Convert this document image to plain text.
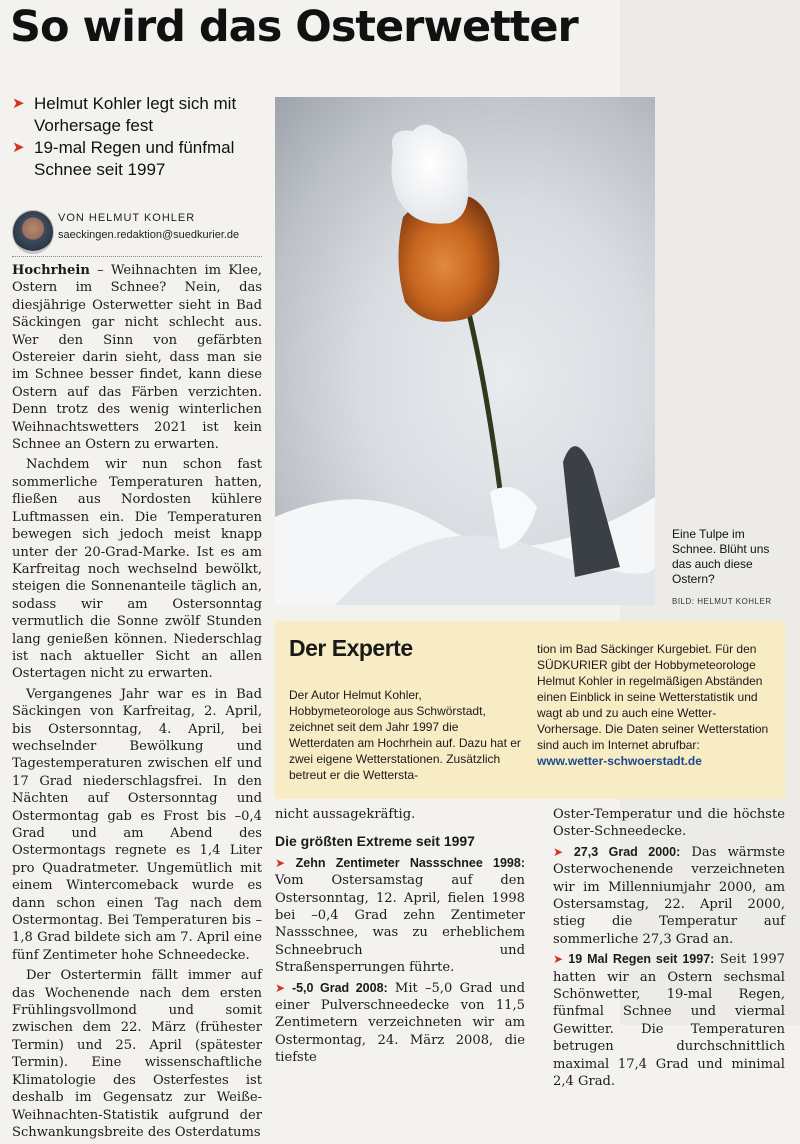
So wird das Osterwetter
➤ Helmut Kohler legt sich mit Vorhersage fest
➤ 19-mal Regen und fünfmal Schnee seit 1997
VON HELMUT KOHLER
saeckingen.redaktion@suedkurier.de

Hochrhein – Weihnachten im Klee, Ostern im Schnee? Nein, das diesjährige Osterwetter sieht in Bad Säckingen gar nicht schlecht aus. Wer den Sinn von gefärbten Ostereier darin sieht, dass man sie im Schnee besser findet, kann diese Ostern auf das Färben verzichten. Denn trotz des wenig winterlichen Weihnachtswetters 2021 ist kein Schnee an Ostern zu erwarten.

Nachdem wir nun schon fast sommerliche Temperaturen hatten, fließen aus Nordosten kühlere Luftmassen ein. Die Temperaturen bewegen sich jedoch meist knapp unter der 20-Grad-Marke. Ist es am Karfreitag noch wechselnd bewölkt, steigen die Sonnenanteile täglich an, sodass wir am Ostersonntag vermutlich die Sonne zwölf Stunden lang genießen können. Niederschlag ist nach aktueller Sicht an allen Ostertagen nicht zu erwarten.

Vergangenes Jahr war es in Bad Säckingen von Karfreitag, 2. April, bis Ostersonntag, 4. April, bei wechselnder Bewölkung und Tagestemperaturen zwischen elf und 17 Grad niederschlagsfrei. In den Nächten auf Ostersonntag und Ostermontag gab es Frost bis –0,4 Grad und am Abend des Ostermontags regnete es 1,4 Liter pro Quadratmeter. Ungemütlich mit einem Wintercomeback wurde es dann schon einen Tag nach dem Ostermontag. Bei Temperaturen bis –1,8 Grad bildete sich am 7. April eine fünf Zentimeter hohe Schneedecke.

Der Ostertermin fällt immer auf das Wochenende nach dem ersten Frühlingsvollmond und somit zwischen dem 22. März (frühester Termin) und 25. April (spätester Termin). Eine wissenschaftliche Klimatologie des Osterfestes ist deshalb im Gegensatz zur Weiße-Weihnachten-Statistik aufgrund der Schwankungsbreite des Osterdatums

Eine Tulpe im Schnee. Blüht uns das auch diese Ostern?
BILD: HELMUT KOHLER
Der Experte
Der Autor Helmut Kohler, Hobbymeteorologe aus Schwörstadt, zeichnet seit dem Jahr 1997 die Wetterdaten am Hochrhein auf. Dazu hat er zwei eigene Wetterstationen. Zusätzlich betreut er die Wettersta-
tion im Bad Säckinger Kurgebiet. Für den SÜDKURIER gibt der Hobbymeteorologe Helmut Kohler in regelmäßigen Abständen einen Einblick in seine Wetterstatistik und wagt ab und zu auch eine Wetter-Vorhersage. Die Daten seiner Wetterstation sind auch im Internet abrufbar:
www.wetter-schwoerstadt.de

nicht aussagekräftig.

Die größten Extreme seit 1997

➤ Zehn Zentimeter Nassschnee 1998: Vom Ostersamstag auf den Ostersonntag, 12. April, fielen 1998 bei –0,4 Grad zehn Zentimeter Nassschnee, was zu erheblichem Schneebruch und Straßensperrungen führte.

➤ -5,0 Grad 2008: Mit –5,0 Grad und einer Pulverschneedecke von 11,5 Zentimetern verzeichneten wir am Ostermontag, 24. März 2008, die tiefste

Oster-Temperatur und die höchste Oster-Schneedecke.

➤ 27,3 Grad 2000: Das wärmste Osterwochenende verzeichneten wir im Millenniumjahr 2000, am Ostersamstag, 22. April 2000, stieg die Temperatur auf sommerliche 27,3 Grad an.

➤ 19 Mal Regen seit 1997: Seit 1997 hatten wir an Ostern sechsmal Schönwetter, 19-mal Regen, fünfmal Schnee und viermal Gewitter. Die Temperaturen betrugen durchschnittlich maximal 17,4 Grad und minimal 2,4 Grad.
